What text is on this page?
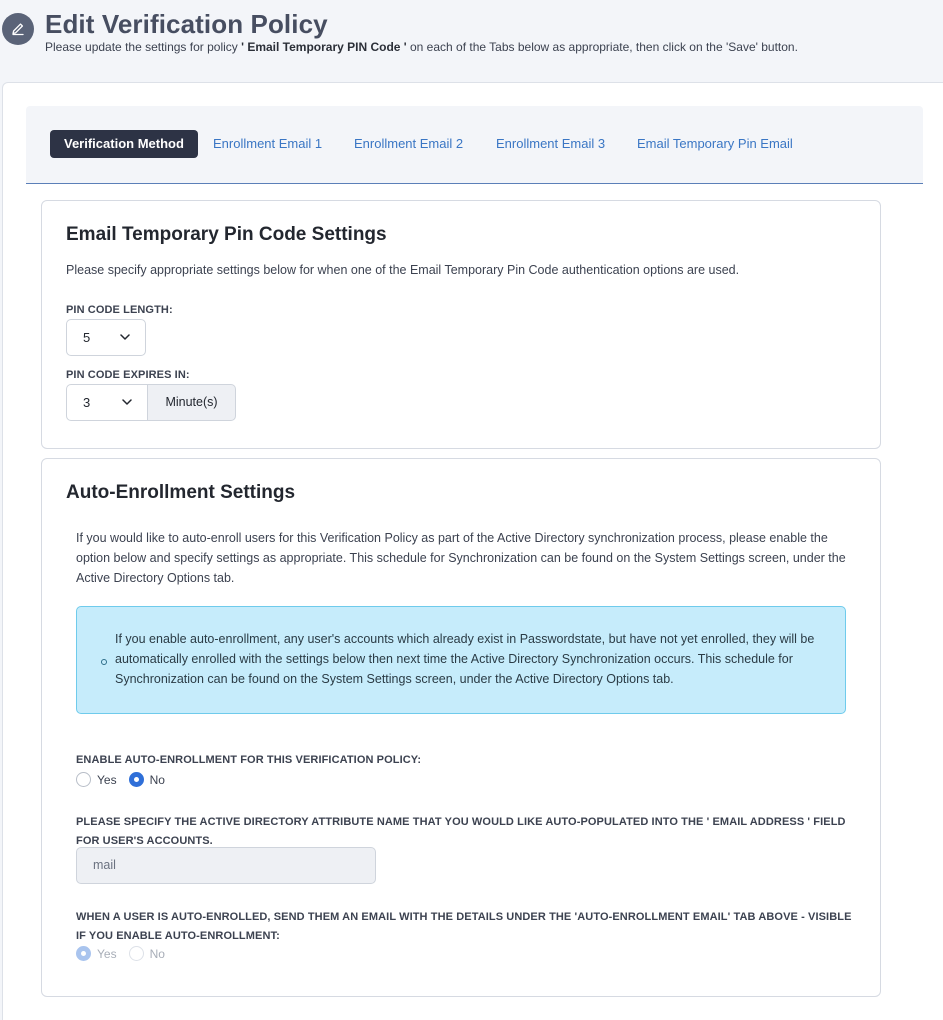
Edit Verification Policy
Please update the settings for policy ' Email Temporary PIN Code ' on each of the Tabs below as appropriate, then click on the 'Save' button.
Verification Method	Enrollment Email 1 Enrollment Email 2	Enrollment Email 3 Email Temporary Pin Email
Email Temporary Pin Code Settings
Please specify appropriate settings below for when one of the Email Temporary Pin Code authentication options are used.
PIN CODE LENGTH:
5
PIN CODE EXPIRES IN:
3	Minute(s)
Auto-Enrollment Settings
If you would like to auto-enroll users for this Verification Policy as part of the Active Directory synchronization process, please enable the option below and specify settings as appropriate. This schedule for Synchronization can be found on the System Settings screen, under the Active Directory Options tab.
If you enable auto-enrollment, any user's accounts which already exist in Passwordstate, but have not yet enrolled, they will be automatically enrolled with the settings below then next time the Active Directory Synchronization occurs. This schedule for Synchronization can be found on the System Settings screen, under the Active Directory Options tab.
ENABLE AUTO-ENROLLMENT FOR THIS VERIFICATION POLICY:
Yes	No
PLEASE SPECIFY THE ACTIVE DIRECTORY ATTRIBUTE NAME THAT YOU WOULD LIKE AUTO-POPULATED INTO THE ' EMAIL ADDRESS ' FIELD FOR USER'S ACCOUNTS.
mail
WHEN A USER IS AUTO-ENROLLED, SEND THEM AN EMAIL WITH THE DETAILS UNDER THE 'AUTO-ENROLLMENT EMAIL' TAB ABOVE - VISIBLE IF YOU ENABLE AUTO-ENROLLMENT:
Yes	No
